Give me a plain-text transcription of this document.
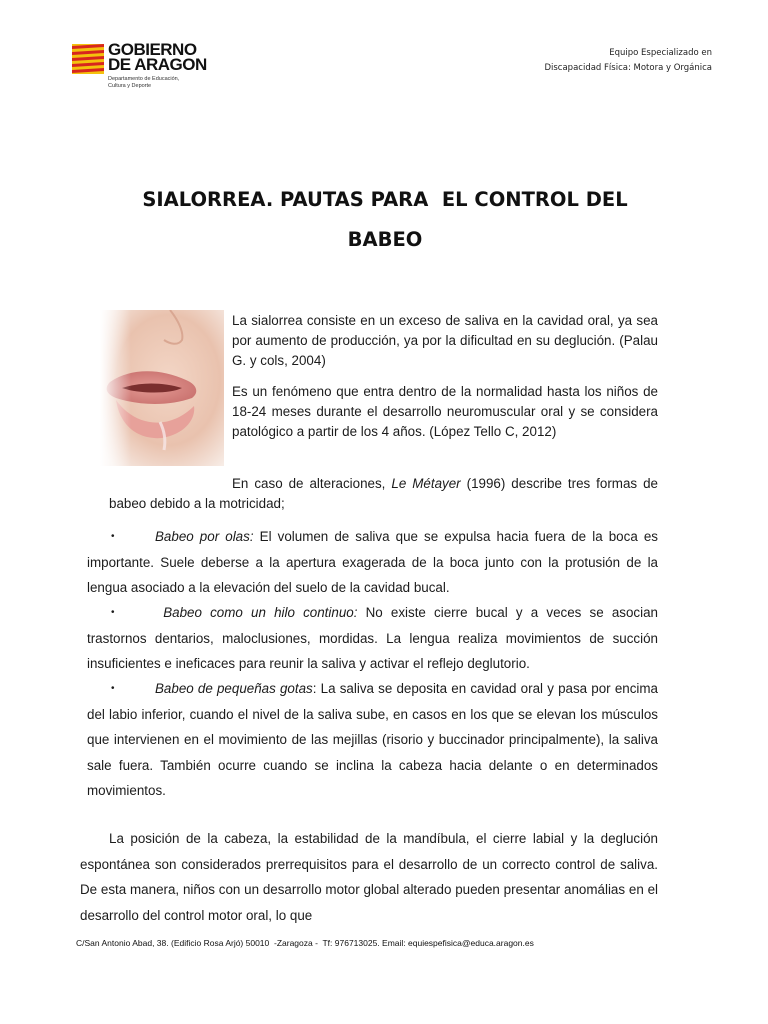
GOBIERNO
DE ARAGON
Departamento de Educación,
Cultura y Deporte
Equipo Especializado en
Discapacidad Física: Motora y Orgánica
SIALORREA. PAUTAS PARA  EL CONTROL DEL
BABEO

La sialorrea consiste en un exceso de saliva en la cavidad oral, ya sea por aumento de producción, ya por la dificultad en su deglución. (Palau G. y cols, 2004)

Es un fenómeno que entra dentro de la normalidad hasta los niños de 18-24 meses durante el desarrollo neuromuscular oral y se considera patológico a partir de los 4 años. (López Tello C, 2012)

En caso de alteraciones, Le Métayer (1996) describe tres formas de babeo debido a la motricidad;

•	Babeo por olas: El volumen de saliva que se expulsa hacia fuera de la boca es importante. Suele deberse a la apertura exagerada de la boca junto con la protusión de la lengua asociado a la elevación del suelo de la cavidad bucal.

•	Babeo como un hilo continuo: No existe cierre bucal y a veces se asocian trastornos dentarios, maloclusiones, mordidas. La lengua realiza movimientos de succión insuficientes e ineficaces para reunir la saliva y activar el reflejo deglutorio.

•	Babeo de pequeñas gotas: La saliva se deposita en cavidad oral y pasa por encima del labio inferior, cuando el nivel de la saliva sube, en casos en los que se elevan los músculos que intervienen en el movimiento de las mejillas (risorio y buccinador principalmente), la saliva sale fuera. También ocurre cuando se inclina la cabeza hacia delante o en determinados movimientos.

La posición de la cabeza, la estabilidad de la mandíbula, el cierre labial y la deglución espontánea son considerados prerrequisitos para el desarrollo de un correcto control de saliva. De esta manera, niños con un desarrollo motor global alterado pueden presentar anomálias en el desarrollo del control motor oral, lo que

C/San Antonio Abad, 38. (Edificio Rosa Arjó) 50010  -Zaragoza -  Tf: 976713025. Email: equiespefisica@educa.aragon.es
